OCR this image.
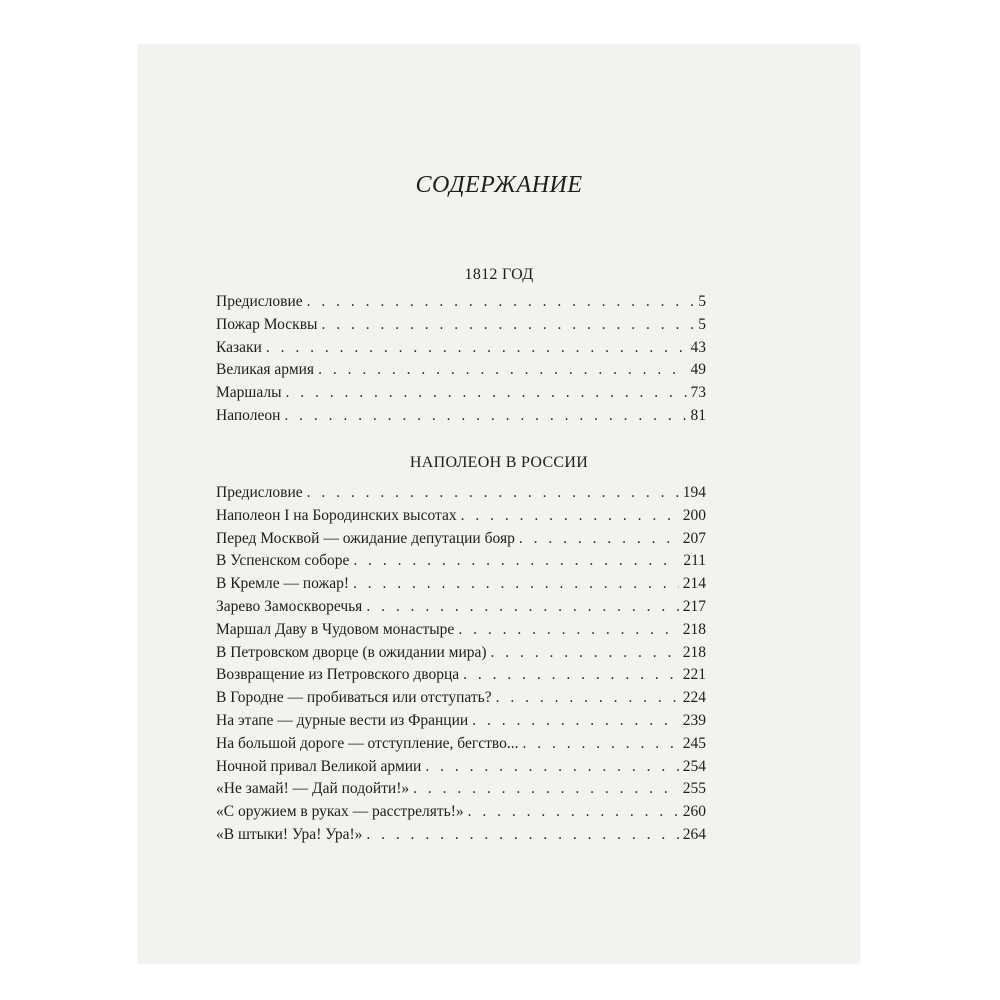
СОДЕРЖАНИЕ
1812 ГОД
Предисловие . . .	5
Пожар Москвы . . .	5
Казаки . . .	43
Великая армия . . .	49
Маршалы . . .	73
Наполеон . . .	81
НАПОЛЕОН В РОССИИ
Предисловие . . .	194
Наполеон I на Бородинских высотах . . .	200
Перед Москвой — ожидание депутации бояр . . .	207
В Успенском соборе . . .	211
В Кремле — пожар! . . .	214
Зарево Замоскворечья . . .	217
Маршал Даву в Чудовом монастыре . . .	218
В Петровском дворце (в ожидании мира) . . .	218
Возвращение из Петровского дворца . . .	221
В Городне — пробиваться или отступать? . . .	224
На этапе — дурные вести из Франции . . .	239
На большой дороге — отступление, бегство... . . .	245
Ночной привал Великой армии . . .	254
«Не замай! — Дай подойти!» . . .	255
«С оружием в руках — расстрелять!» . . .	260
«В штыки! Ура! Ура!» . . .	264
